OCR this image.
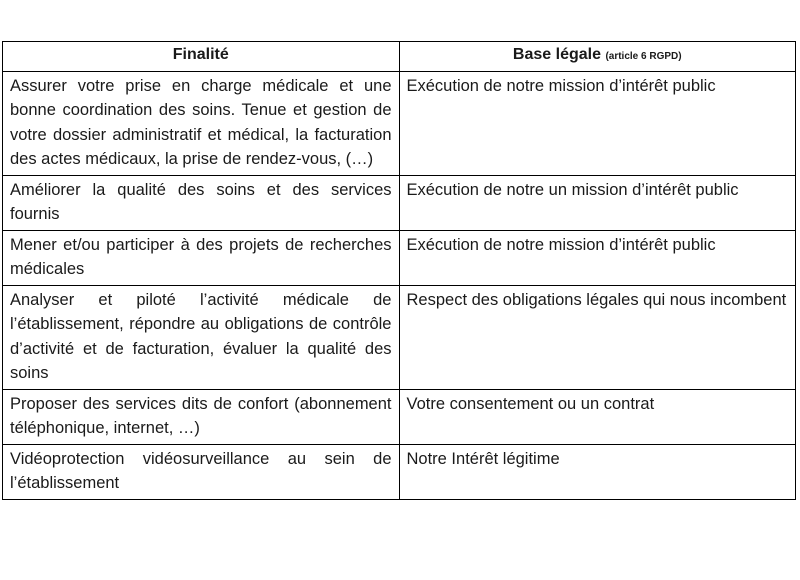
Finalité	Base légale (article 6 RGPD)
Assurer votre prise en charge médicale et une bonne coordination des soins. Tenue et gestion de votre dossier administratif et médical, la facturation des actes médicaux, la prise de rendez-vous, (…)	Exécution de notre mission d’intérêt public
Améliorer la qualité des soins et des services fournis	Exécution de notre un mission d’intérêt public
Mener et/ou participer à des projets de recherches médicales	Exécution de notre mission d’intérêt public
Analyser et piloté l’activité médicale de l’établissement, répondre au obligations de contrôle d’activité et de facturation, évaluer la qualité des soins	Respect des obligations légales qui nous incombent
Proposer des services dits de confort (abonnement téléphonique, internet, …)	Votre consentement ou un contrat
Vidéoprotection vidéosurveillance au sein de l’établissement	Notre Intérêt légitime
